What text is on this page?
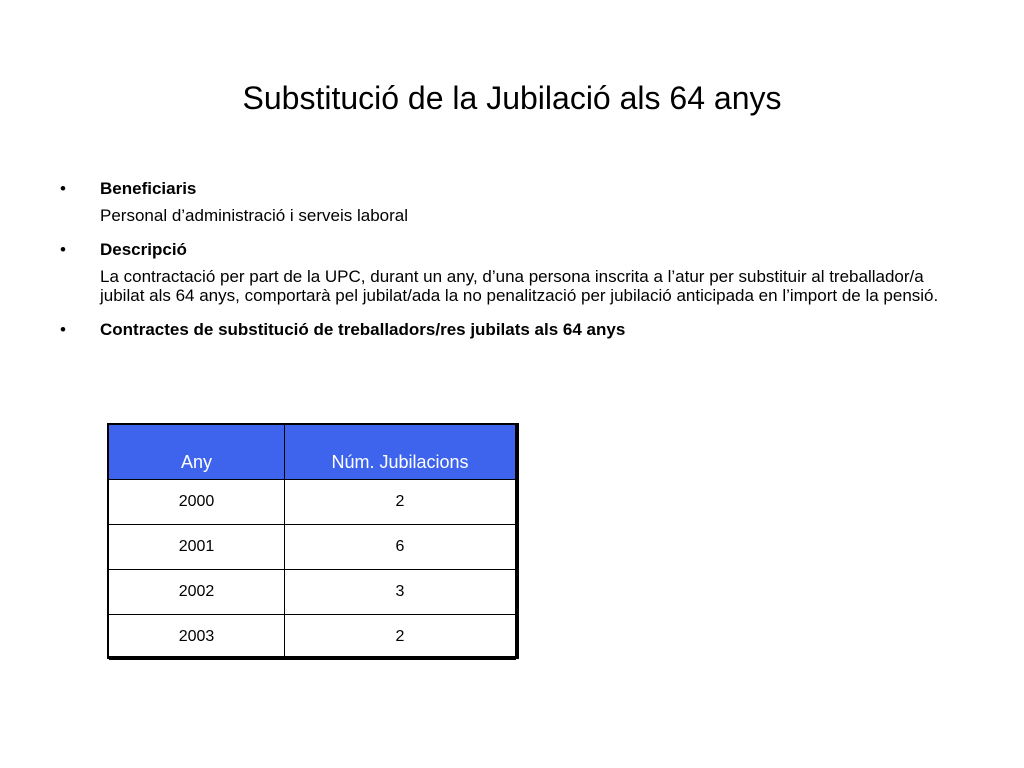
Substitució de la Jubilació als 64 anys
• Beneficiaris
Personal d’administració i serveis laboral
• Descripció
La contractació per part de la UPC, durant un any, d’una persona inscrita a l’atur per substituir al treballador/a jubilat als 64 anys, comportarà pel jubilat/ada la no penalització per jubilació anticipada en l’import de la pensió.
• Contractes de substitució de treballadors/res jubilats als 64 anys
Any	Núm. Jubilacions
2000	2
2001	6
2002	3
2003	2
